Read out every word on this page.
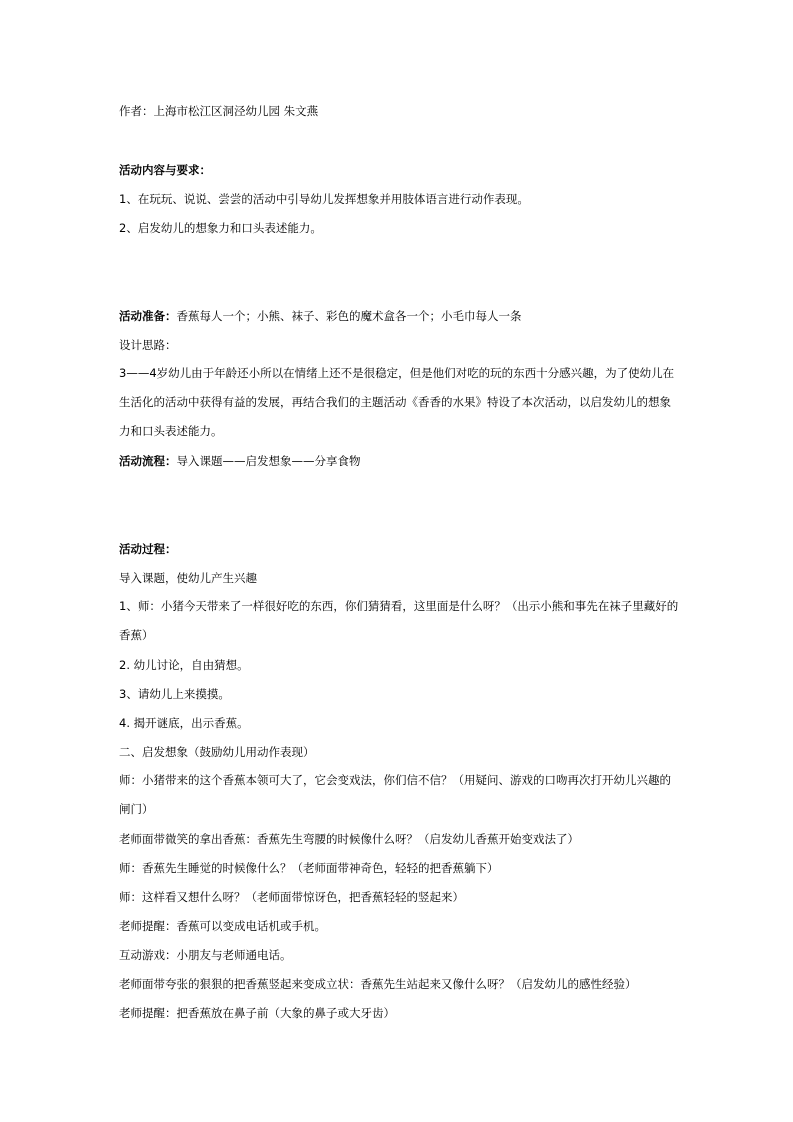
作者：上海市松江区洞泾幼儿园 朱文燕
活动内容与要求：
1、在玩玩、说说、尝尝的活动中引导幼儿发挥想象并用肢体语言进行动作表现。
2、启发幼儿的想象力和口头表述能力。
活动准备：香蕉每人一个；小熊、袜子、彩色的魔术盒各一个；小毛巾每人一条
设计思路：
3——4岁幼儿由于年龄还小所以在情绪上还不是很稳定，但是他们对吃的玩的东西十分感兴趣，为了使幼儿在生活化的活动中获得有益的发展，再结合我们的主题活动《香香的水果》特设了本次活动，以启发幼儿的想象力和口头表述能力。
活动流程：导入课题——启发想象——分享食物
活动过程：
导入课题，使幼儿产生兴趣
1、师：小猪今天带来了一样很好吃的东西，你们猜猜看，这里面是什么呀？（出示小熊和事先在袜子里藏好的香蕉）
2. 幼儿讨论，自由猜想。
3、请幼儿上来摸摸。
4. 揭开谜底，出示香蕉。
二、启发想象（鼓励幼儿用动作表现）
师：小猪带来的这个香蕉本领可大了，它会变戏法，你们信不信？（用疑问、游戏的口吻再次打开幼儿兴趣的闸门）
老师面带微笑的拿出香蕉：香蕉先生弯腰的时候像什么呀？（启发幼儿香蕉开始变戏法了）
师：香蕉先生睡觉的时候像什么？（老师面带神奇色，轻轻的把香蕉躺下）
师：这样看又想什么呀？（老师面带惊讶色，把香蕉轻轻的竖起来）
老师提醒：香蕉可以变成电话机或手机。
互动游戏：小朋友与老师通电话。
老师面带夸张的狠狠的把香蕉竖起来变成立状：香蕉先生站起来又像什么呀？（启发幼儿的感性经验）
老师提醒：把香蕉放在鼻子前（大象的鼻子或大牙齿）
